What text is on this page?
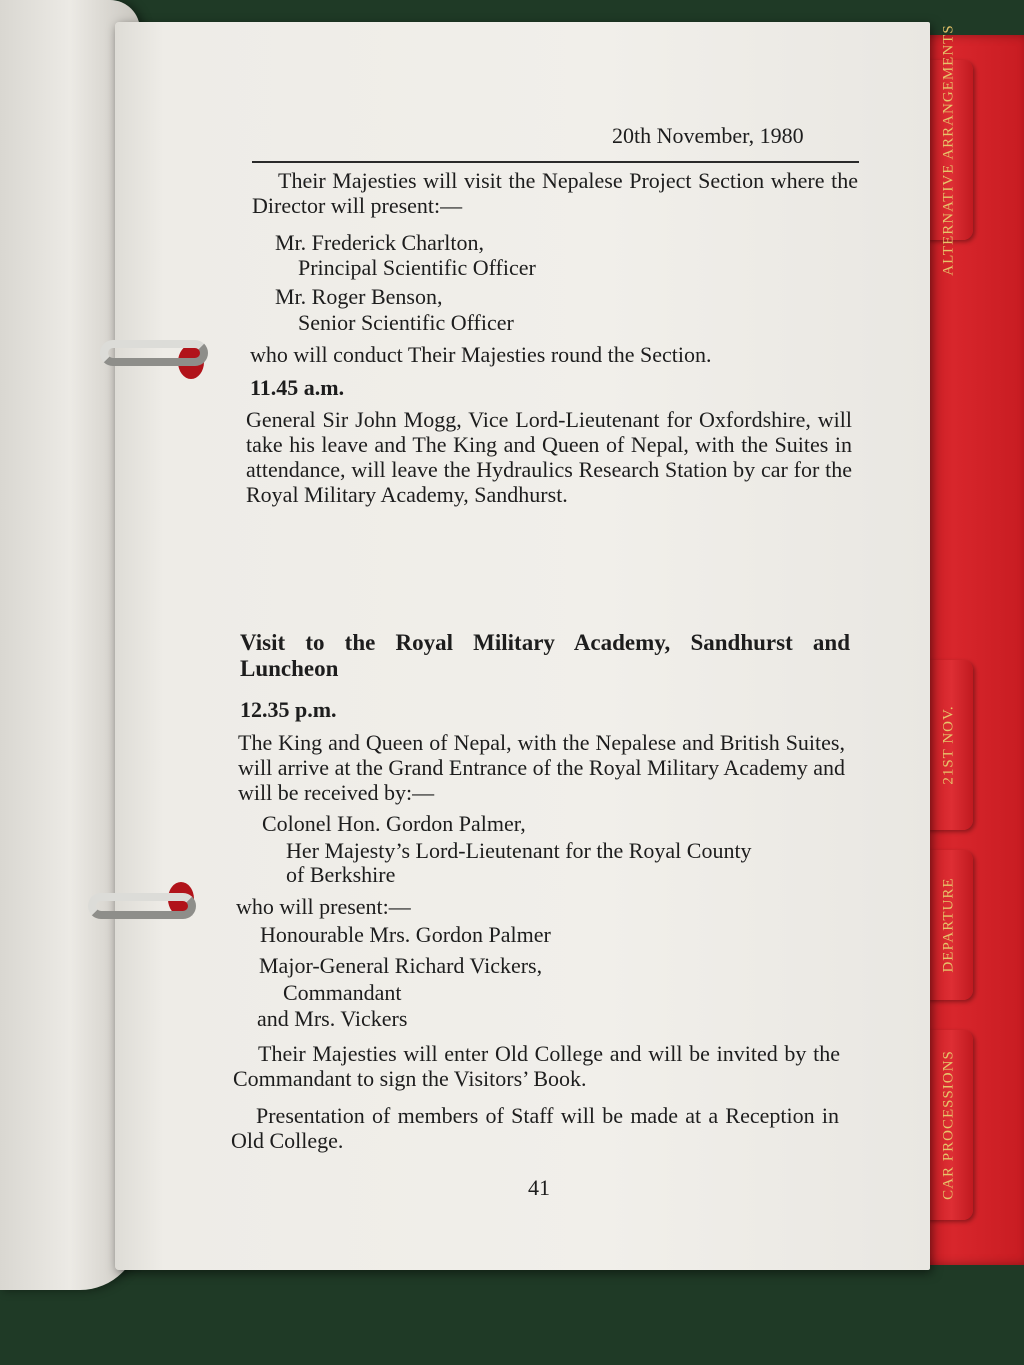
ALTERNATIVE ARRANGEMENTS
21ST NOV.
DEPARTURE
CAR PROCESSIONS
20th November, 1980
Their Majesties will visit the Nepalese Project Section where the Director will present:—
Mr. Frederick Charlton,
Principal Scientific Officer
Mr. Roger Benson,
Senior Scientific Officer
who will conduct Their Majesties round the Section.
11.45 a.m.
General Sir John Mogg, Vice Lord-Lieutenant for Oxfordshire, will take his leave and The King and Queen of Nepal, with the Suites in attendance, will leave the Hydraulics Research Station by car for the Royal Military Academy, Sandhurst.
Visit to the Royal Military Academy, Sandhurst and Luncheon
12.35 p.m.
The King and Queen of Nepal, with the Nepalese and British Suites, will arrive at the Grand Entrance of the Royal Military Academy and will be received by:—
Colonel Hon. Gordon Palmer,
Her Majesty’s Lord-Lieutenant for the Royal County
of Berkshire
who will present:—
Honourable Mrs. Gordon Palmer
Major-General Richard Vickers,
Commandant
and Mrs. Vickers
Their Majesties will enter Old College and will be invited by the Commandant to sign the Visitors’ Book.
Presentation of members of Staff will be made at a Reception in Old College.
41
